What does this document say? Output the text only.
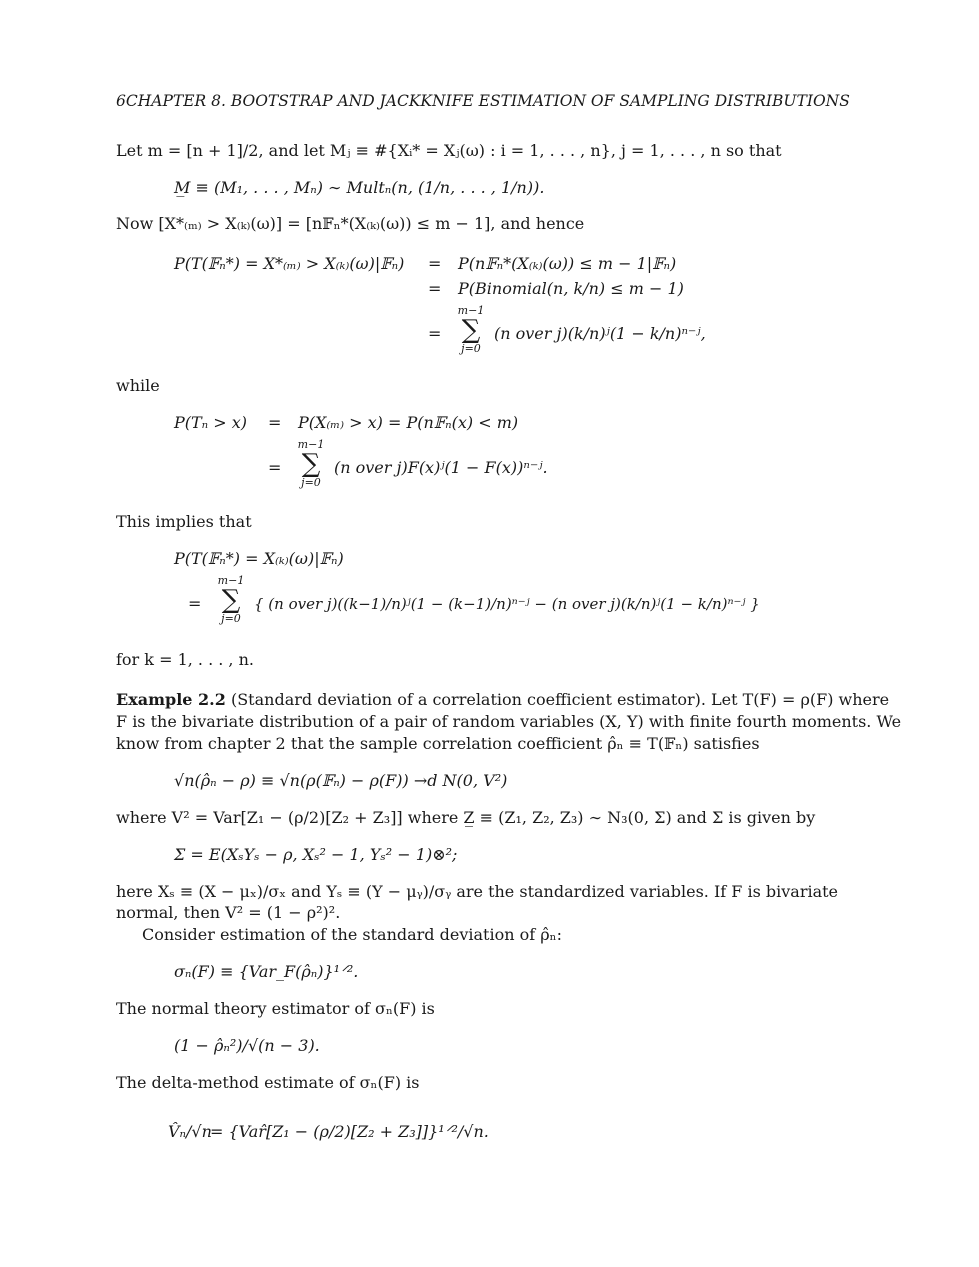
6CHAPTER 8. BOOTSTRAP AND JACKKNIFE ESTIMATION OF SAMPLING DISTRIBUTIONS
Let m = [n + 1]/2, and let Mⱼ ≡ #{Xᵢ* = Xⱼ(ω) : i = 1, . . . , n}, j = 1, . . . , n so that
M̲ ≡ (M₁, . . . , Mₙ) ∼ Multₙ(n, (1/n, . . . , 1/n)).
Now [X*₍ₘ₎ > X₍ₖ₎(ω)] = [n𝔽ₙ*(X₍ₖ₎(ω)) ≤ m − 1], and hence
P(T(𝔽ₙ*) = X*₍ₘ₎ > X₍ₖ₎(ω)|𝔽ₙ) = P(n𝔽ₙ*(X₍ₖ₎(ω)) ≤ m − 1|𝔽ₙ)
= P(Binomial(n, k/n) ≤ m − 1)
=
m−1
∑
j=0
(n over j)(k/n)ʲ(1 − k/n)ⁿ⁻ʲ,
while
P(Tₙ > x) = P(X₍ₘ₎ > x) = P(n𝔽ₙ(x) < m)
=
m−1
∑
j=0
(n over j)F(x)ʲ(1 − F(x))ⁿ⁻ʲ.
This implies that
P(T(𝔽ₙ*) = X₍ₖ₎(ω)|𝔽ₙ)
=
m−1
∑
j=0
{ (n over j)((k−1)/n)ʲ(1 − (k−1)/n)ⁿ⁻ʲ − (n over j)(k/n)ʲ(1 − k/n)ⁿ⁻ʲ }
for k = 1, . . . , n.
Example 2.2 (Standard deviation of a correlation coefficient estimator). Let T(F) = ρ(F) where
F is the bivariate distribution of a pair of random variables (X, Y) with finite fourth moments. We
know from chapter 2 that the sample correlation coefficient ρ̂ₙ ≡ T(𝔽ₙ) satisfies
√n(ρ̂ₙ − ρ) ≡ √n(ρ(𝔽ₙ) − ρ(F)) →d N(0, V²)
where V² = Var[Z₁ − (ρ/2)[Z₂ + Z₃]] where Z̲ ≡ (Z₁, Z₂, Z₃) ∼ N₃(0, Σ) and Σ is given by
Σ = E(XₛYₛ − ρ, Xₛ² − 1, Yₛ² − 1)⊗²;
here Xₛ ≡ (X − μₓ)/σₓ and Yₛ ≡ (Y − μᵧ)/σᵧ are the standardized variables. If F is bivariate
normal, then V² = (1 − ρ²)².
Consider estimation of the standard deviation of ρ̂ₙ:
σₙ(F) ≡ {Var_F(ρ̂ₙ)}¹ᐟ².
The normal theory estimator of σₙ(F) is
(1 − ρ̂ₙ²)/√(n − 3).
The delta-method estimate of σₙ(F) is
V̂ₙ/√n
= {Var̂[Z₁ − (ρ/2)[Z₂ + Z₃]]}¹ᐟ²/√n.
